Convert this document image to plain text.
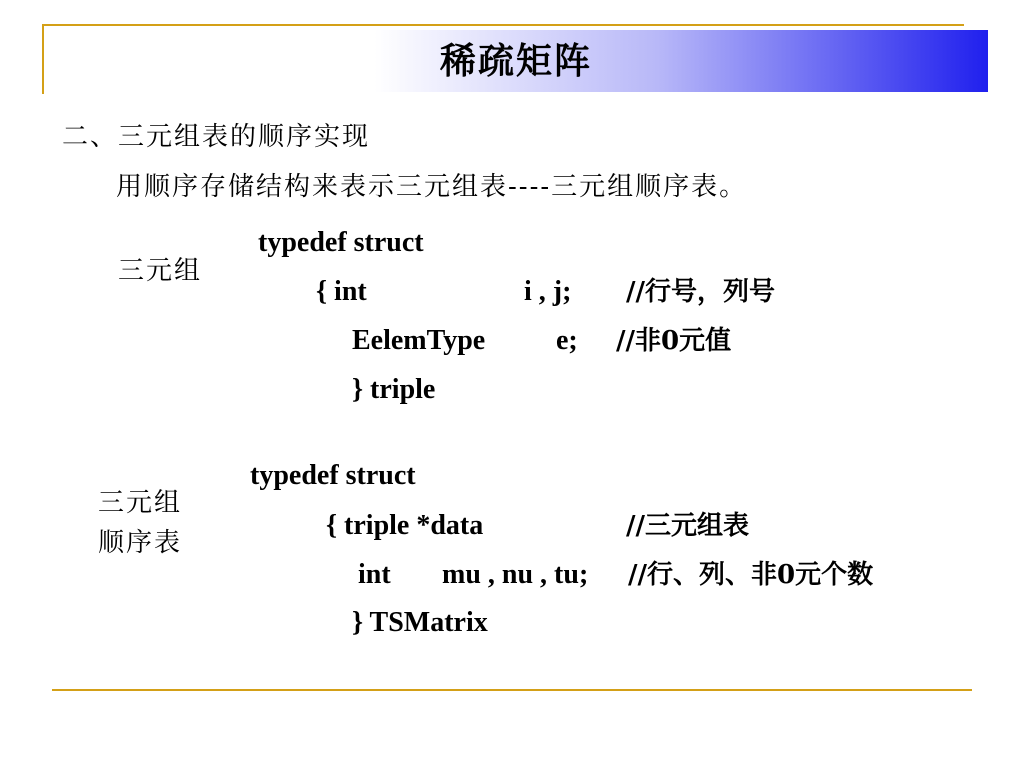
稀疏矩阵
二、三元组表的顺序实现
用顺序存储结构来表示三元组表----三元组顺序表。
三元组
typedef struct
{ int	i , j; //行号，列号
EelemType	e; //非0元值
} triple
三元组
顺序表
typedef struct
{ triple *data	//三元组表
int mu , nu , tu; //行、列、非0元个数
} TSMatrix
